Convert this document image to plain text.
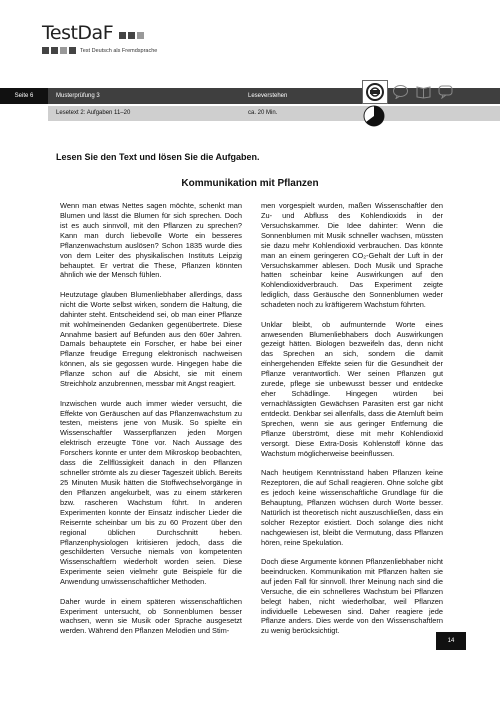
TestDaF
Test Deutsch als Fremdsprache
Seite 6	Musterprüfung 3	Leseverstehen
Lesetext 2: Aufgaben 11–20	ca. 20 Min.
Lesen Sie den Text und lösen Sie die Aufgaben.
Kommunikation mit Pflanzen

Wenn man etwas Nettes sagen möchte, schenkt man Blumen und lässt die Blumen für sich sprechen. Doch ist es auch sinnvoll, mit den Pflanzen zu sprechen? Kann man durch liebevolle Worte ein besseres Pflanzenwachstum auslösen? Schon 1835 wurde dies von dem Leiter des physikalischen Instituts Leipzig behauptet. Er vertrat die These, Pflanzen könnten ähnlich wie der Mensch fühlen.

Heutzutage glauben Blumenliebhaber allerdings, dass nicht die Worte selbst wirken, sondern die Haltung, die dahinter steht. Entscheidend sei, ob man einer Pflanze mit wohlmeinenden Gedanken gegenübertrete. Diese Annahme basiert auf Befunden aus den 60er Jahren. Damals behauptete ein Forscher, er habe bei einer Pflanze freudige Erregung elektronisch nachweisen können, als sie gegossen wurde. Hingegen habe die Pflanze schon auf die Absicht, sie mit einem Streichholz anzubrennen, messbar mit Angst reagiert.

Inzwischen wurde auch immer wieder versucht, die Effekte von Geräuschen auf das Pflanzenwachstum zu testen, meistens jene von Musik. So spielte ein Wissenschaftler Wasserpflanzen jeden Morgen elektrisch erzeugte Töne vor. Nach Aussage des Forschers konnte er unter dem Mikroskop beobachten, dass die Zellflüssigkeit danach in den Pflanzen schneller strömte als zu dieser Tageszeit üblich. Bereits 25 Minuten Musik hätten die Stoffwechselvorgänge in den Pflanzen angekurbelt, was zu einem stärkeren bzw. rascheren Wachstum führt. In anderen Experimenten konnte der Einsatz indischer Lieder die Reisernte scheinbar um bis zu 60 Prozent über den regional üblichen Durchschnitt heben. Pflanzenphysiologen kritisieren jedoch, dass die geschilderten Versuche niemals von kompetenten Wissenschaftlern wiederholt worden seien. Diese Experimente seien vielmehr gute Beispiele für die Anwendung unwissenschaftlicher Methoden.

Daher wurde in einem späteren wissenschaftlichen Experiment untersucht, ob Sonnenblumen besser wachsen, wenn sie Musik oder Sprache ausgesetzt werden. Während den Pflanzen Melodien und Stim-

men vorgespielt wurden, maßen Wissenschaftler den Zu- und Abfluss des Kohlendioxids in der Versuchskammer. Die Idee dahinter: Wenn die Sonnenblumen mit Musik schneller wachsen, müssten sie dazu mehr Kohlendioxid verbrauchen. Das könnte man an einem geringeren CO₂-Gehalt der Luft in der Versuchskammer ablesen. Doch Musik und Sprache hatten scheinbar keine Auswirkungen auf den Kohlendioxidverbrauch. Das Experiment zeigte lediglich, dass Geräusche den Sonnenblumen weder schadeten noch zu kräftigerem Wachstum führten.

Unklar bleibt, ob aufmunternde Worte eines anwesenden Blumenliebhabers doch Auswirkungen gezeigt hätten. Biologen bezweifeln das, denn nicht das Sprechen an sich, sondern die damit einhergehenden Effekte seien für die Gesundheit der Pflanze verantwortlich. Wer seinen Pflanzen gut zurede, pflege sie unbewusst besser und entdecke eher Schädlinge. Hingegen würden bei vernachlässigten Gewächsen Parasiten erst gar nicht entdeckt. Denkbar sei allenfalls, dass die Atemluft beim Sprechen, wenn sie aus geringer Entfernung die Pflanze überströmt, diese mit mehr Kohlendioxid versorgt. Diese Extra-Dosis Kohlenstoff könne das Wachstum möglicherweise beeinflussen.

Nach heutigem Kenntnisstand haben Pflanzen keine Rezeptoren, die auf Schall reagieren. Ohne solche gibt es jedoch keine wissenschaftliche Grundlage für die Behauptung, Pflanzen wüchsen durch Worte besser. Natürlich ist theoretisch nicht auszuschließen, dass ein solcher Rezeptor existiert. Doch solange dies nicht nachgewiesen ist, bleibt die Vermutung, dass Pflanzen hören, reine Spekulation.

Doch diese Argumente können Pflanzenliebhaber nicht beeindrucken. Kommunikation mit Pflanzen halten sie auf jeden Fall für sinnvoll. Ihrer Meinung nach sind die Versuche, die ein schnelleres Wachstum bei Pflanzen belegt haben, nicht wiederholbar, weil Pflanzen individuelle Lebewesen sind. Daher reagiere jede Pflanze anders. Dies werde von den Wissenschaftlern zu wenig berücksichtigt.

14
